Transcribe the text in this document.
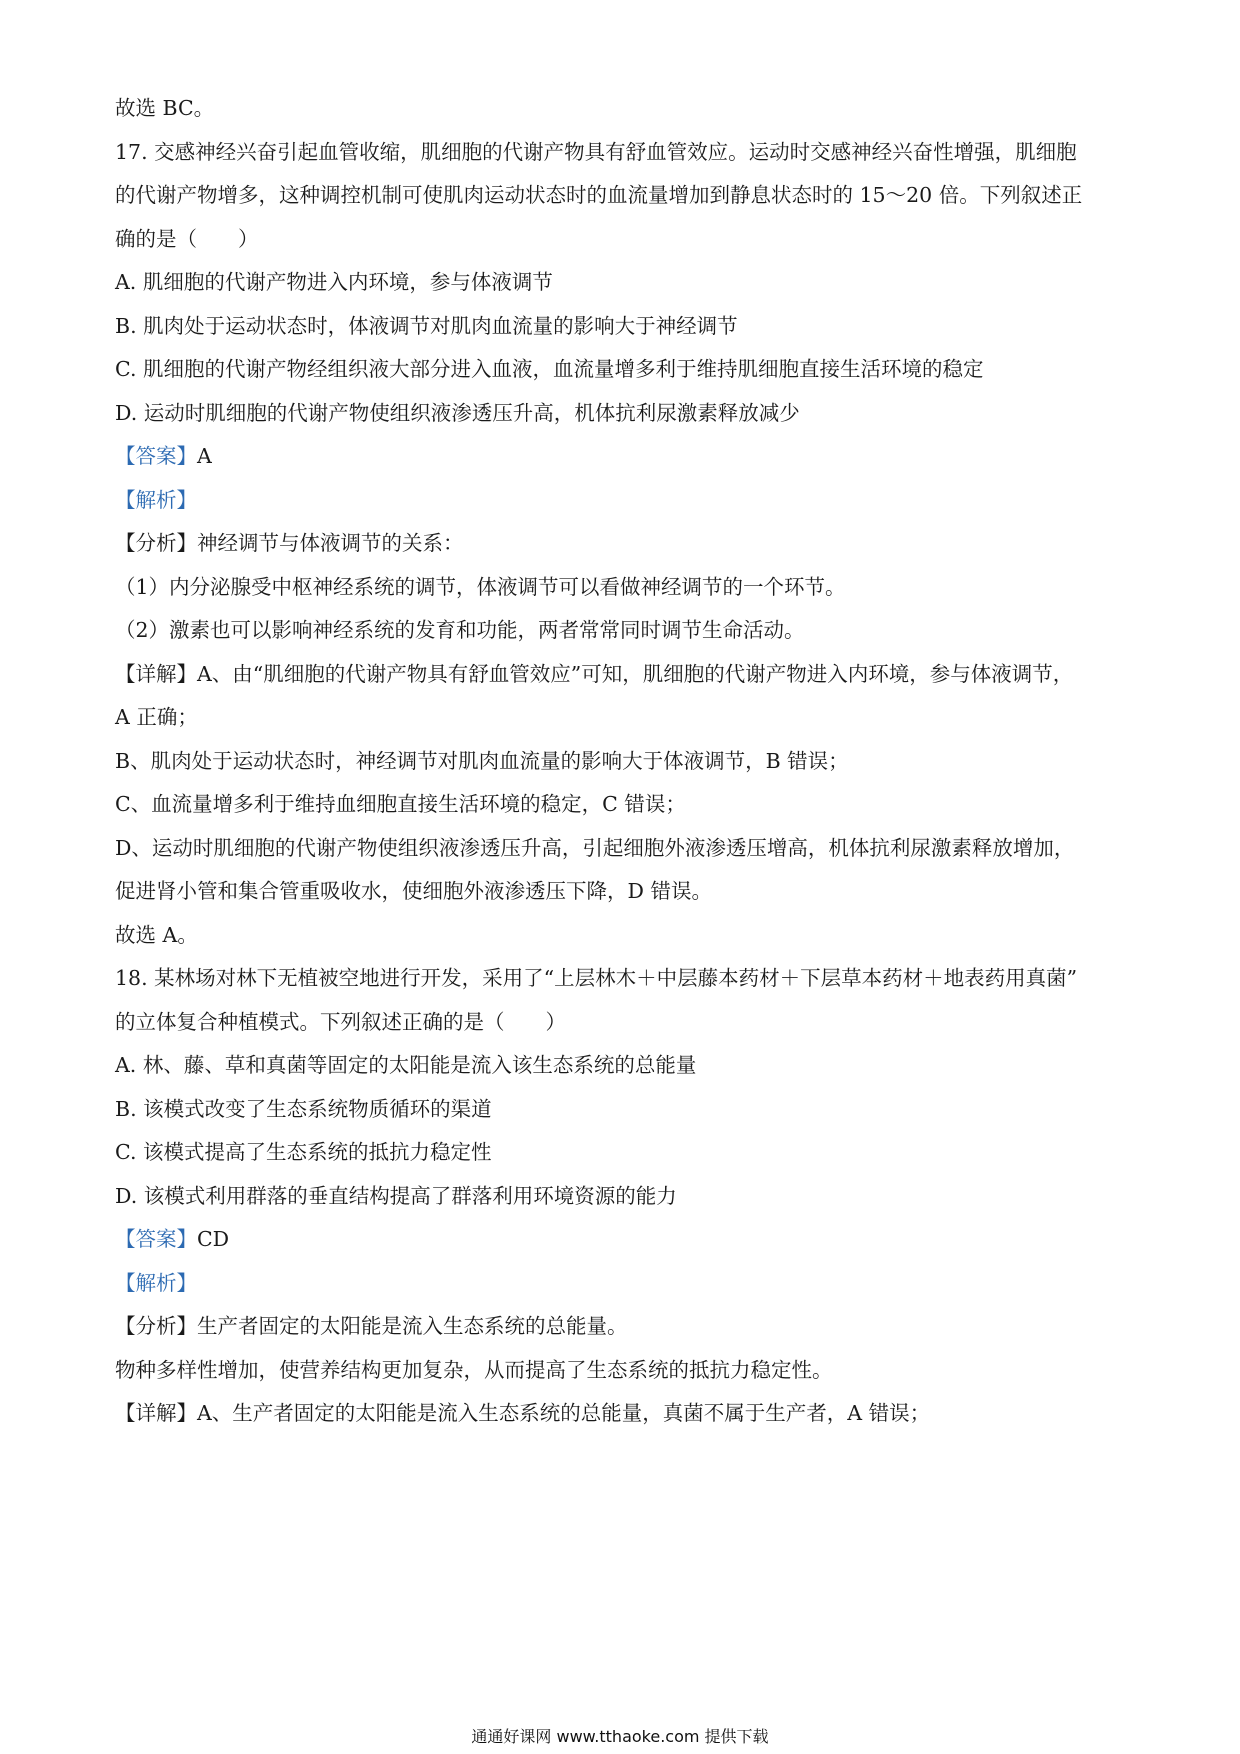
故选 BC。
17. 交感神经兴奋引起血管收缩，肌细胞的代谢产物具有舒血管效应。运动时交感神经兴奋性增强，肌细胞
的代谢产物增多，这种调控机制可使肌肉运动状态时的血流量增加到静息状态时的 15～20 倍。下列叙述正
确的是（　　）
A. 肌细胞的代谢产物进入内环境，参与体液调节
B. 肌肉处于运动状态时，体液调节对肌肉血流量的影响大于神经调节
C. 肌细胞的代谢产物经组织液大部分进入血液，血流量增多利于维持肌细胞直接生活环境的稳定
D. 运动时肌细胞的代谢产物使组织液渗透压升高，机体抗利尿激素释放减少
【答案】A
【解析】
【分析】神经调节与体液调节的关系：
（1）内分泌腺受中枢神经系统的调节，体液调节可以看做神经调节的一个环节。
（2）激素也可以影响神经系统的发育和功能，两者常常同时调节生命活动。
【详解】A、由“肌细胞的代谢产物具有舒血管效应”可知，肌细胞的代谢产物进入内环境，参与体液调节，
A 正确；
B、肌肉处于运动状态时，神经调节对肌肉血流量的影响大于体液调节，B 错误；
C、血流量增多利于维持血细胞直接生活环境的稳定，C 错误；
D、运动时肌细胞的代谢产物使组织液渗透压升高，引起细胞外液渗透压增高，机体抗利尿激素释放增加，
促进肾小管和集合管重吸收水，使细胞外液渗透压下降，D 错误。
故选 A。
18. 某林场对林下无植被空地进行开发，采用了“上层林木＋中层藤本药材＋下层草本药材＋地表药用真菌”
的立体复合种植模式。下列叙述正确的是（　　）
A. 林、藤、草和真菌等固定的太阳能是流入该生态系统的总能量
B. 该模式改变了生态系统物质循环的渠道
C. 该模式提高了生态系统的抵抗力稳定性
D. 该模式利用群落的垂直结构提高了群落利用环境资源的能力
【答案】CD
【解析】
【分析】生产者固定的太阳能是流入生态系统的总能量。
物种多样性增加，使营养结构更加复杂，从而提高了生态系统的抵抗力稳定性。
【详解】A、生产者固定的太阳能是流入生态系统的总能量，真菌不属于生产者，A 错误；
通通好课网 www.tthaoke.com 提供下载
